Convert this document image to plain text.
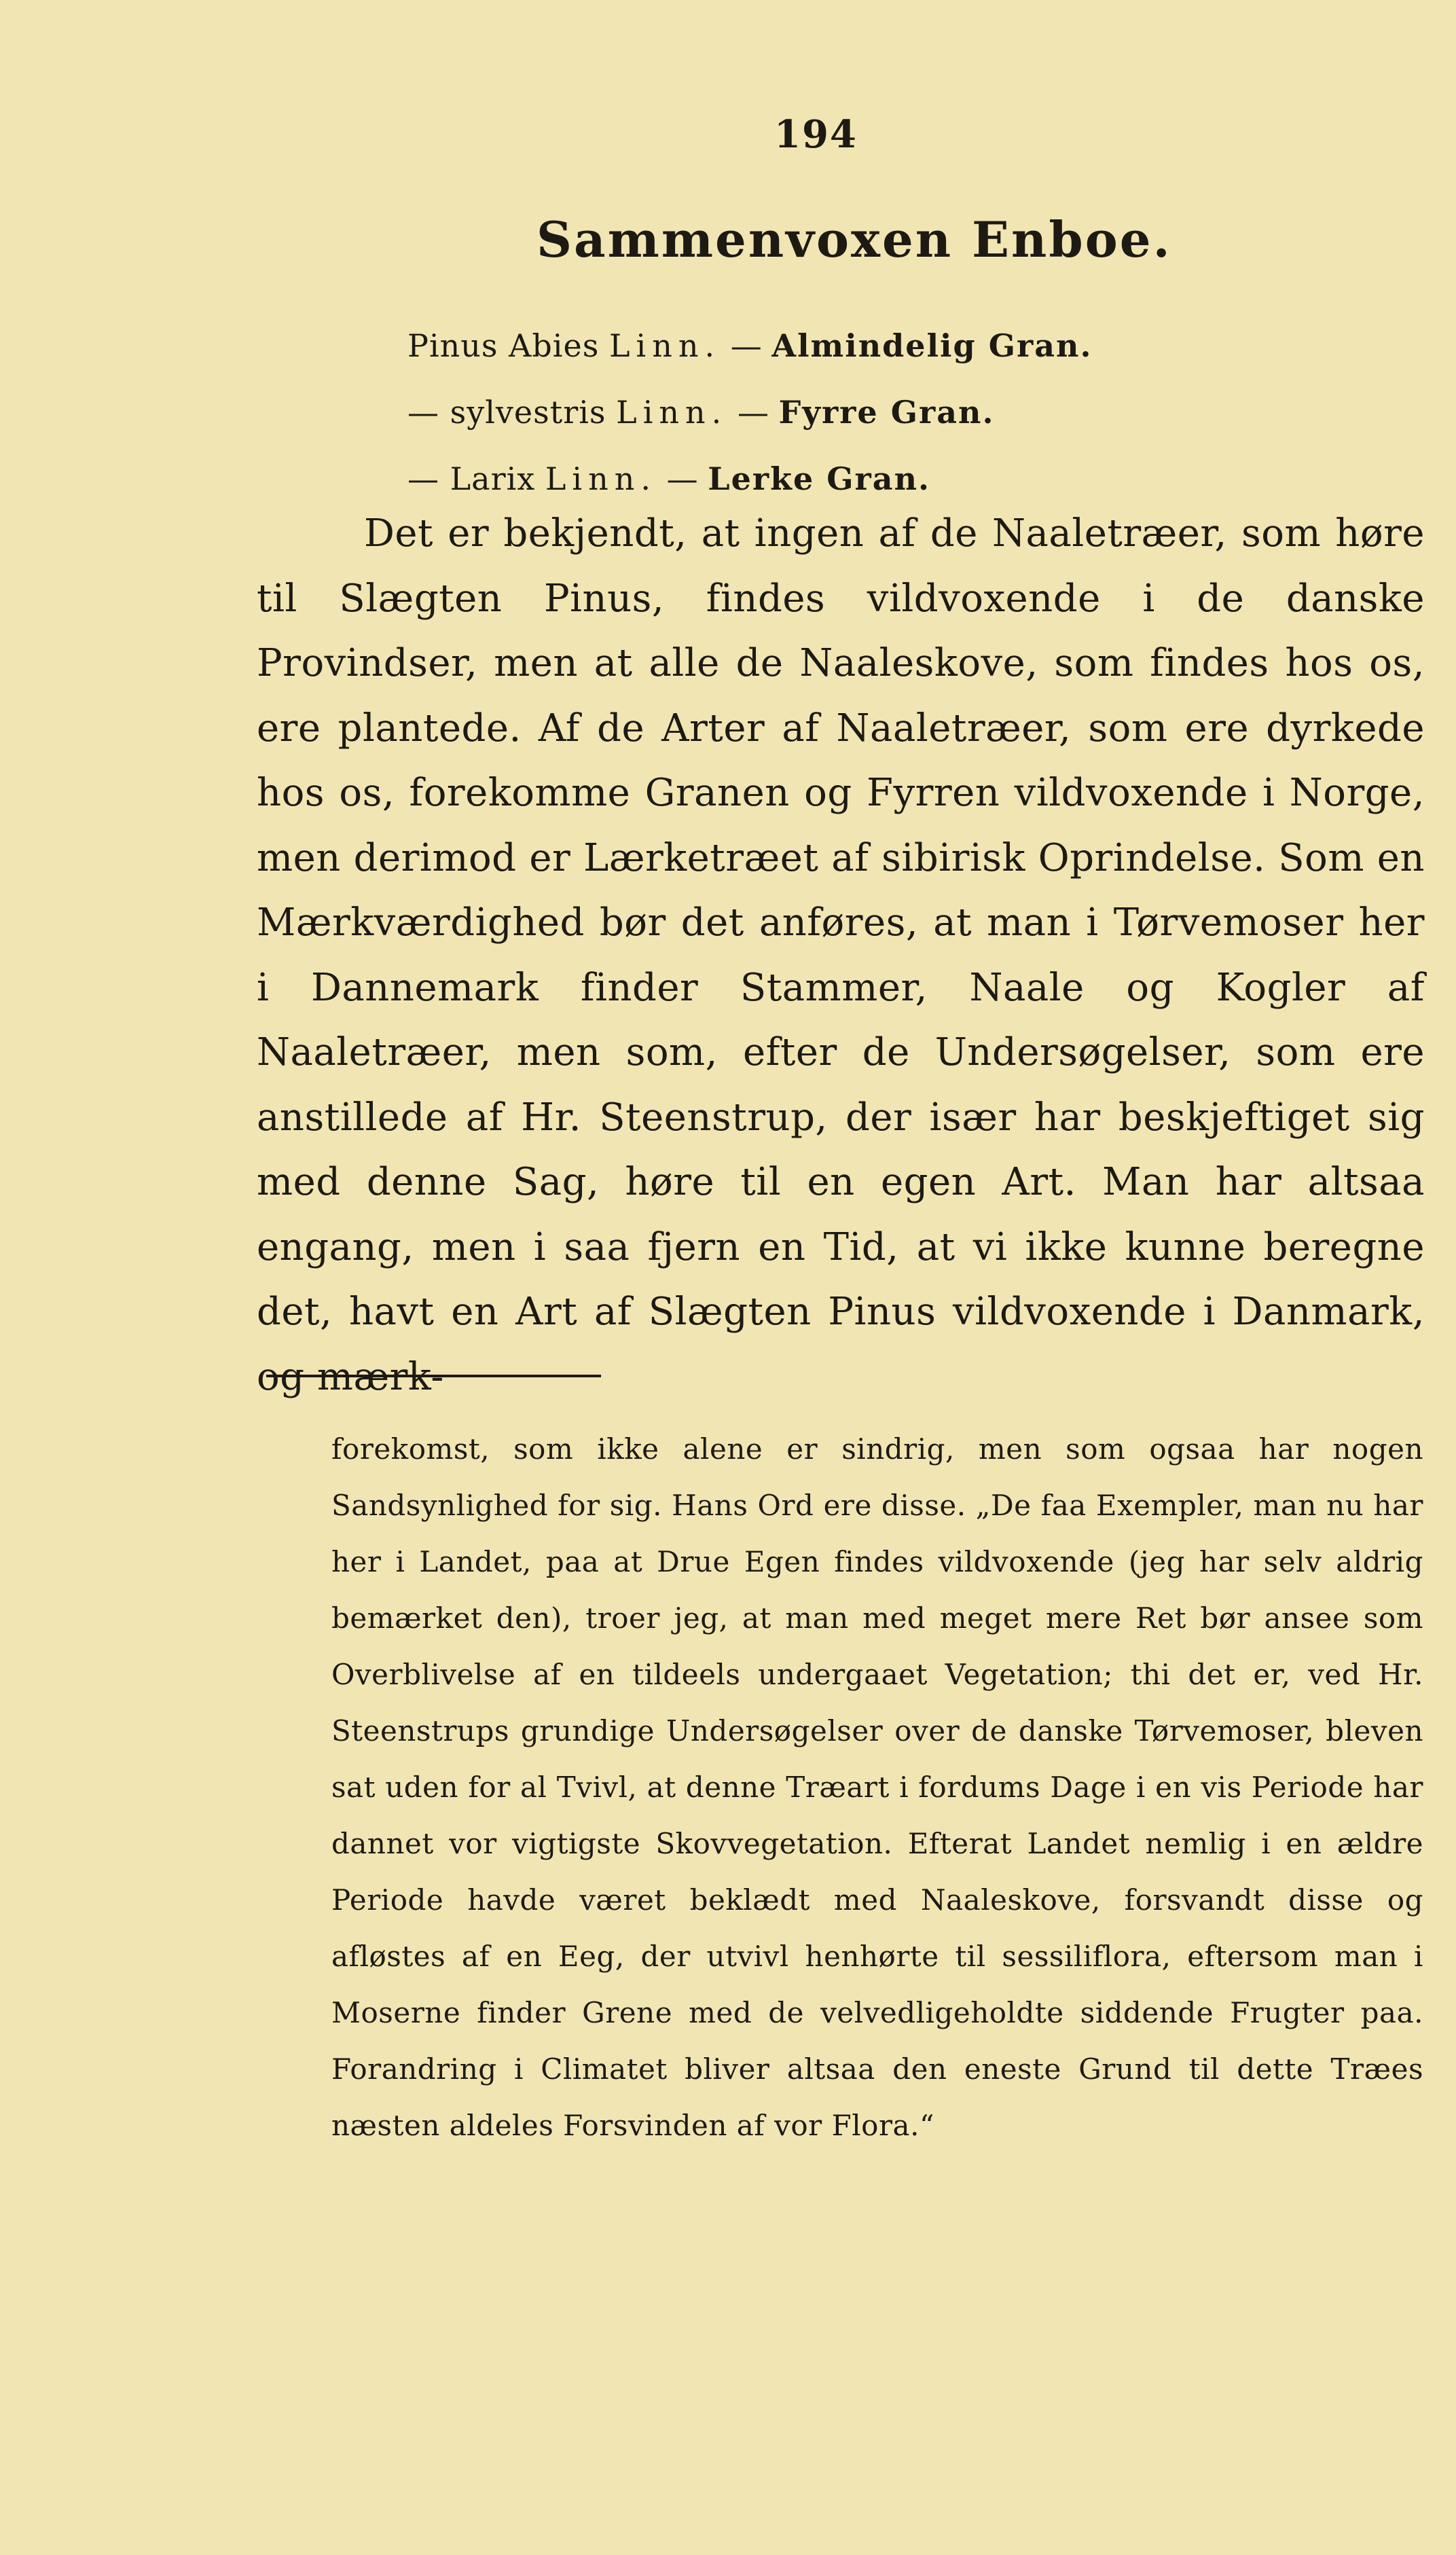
194
Sammenvoxen Enboe.
Pinus Abies Linn. — Almindelig Gran.
— sylvestris Linn. — Fyrre Gran.
— Larix Linn. — Lerke Gran.
Det er bekjendt, at ingen af de Naaletræer, som høre til Slægten Pinus, findes vildvoxende i de danske Provindser, men at alle de Naaleskove, som findes hos os, ere plantede. Af de Arter af Naaletræer, som ere dyrkede hos os, forekomme Granen og Fyrren vildvoxende i Norge, men derimod er Lærketræet af sibirisk Oprindelse. Som en Mærkværdighed bør det anføres, at man i Tørvemoser her i Dannemark finder Stammer, Naale og Kogler af Naaletræer, men som, efter de Undersøgelser, som ere anstillede af Hr. Steenstrup, der især har beskjeftiget sig med denne Sag, høre til en egen Art. Man har altsaa engang, men i saa fjern en Tid, at vi ikke kunne beregne det, havt en Art af Slægten Pinus vildvoxende i Danmark, og mærk-
forekomst, som ikke alene er sindrig, men som ogsaa har nogen Sandsynlighed for sig. Hans Ord ere disse. „De faa Exempler, man nu har her i Landet, paa at Drue Egen findes vildvoxende (jeg har selv aldrig bemærket den), troer jeg, at man med meget mere Ret bør ansee som Overblivelse af en tildeels undergaaet Vegetation; thi det er, ved Hr. Steenstrups grundige Undersøgelser over de danske Tørvemoser, bleven sat uden for al Tvivl, at denne Træart i fordums Dage i en vis Periode har dannet vor vigtigste Skovvegetation. Efterat Landet nemlig i en ældre Periode havde været beklædt med Naaleskove, forsvandt disse og afløstes af en Eeg, der utvivl henhørte til sessiliflora, eftersom man i Moserne finder Grene med de velvedligeholdte siddende Frugter paa. Forandring i Climatet bliver altsaa den eneste Grund til dette Træes næsten aldeles Forsvinden af vor Flora.“
